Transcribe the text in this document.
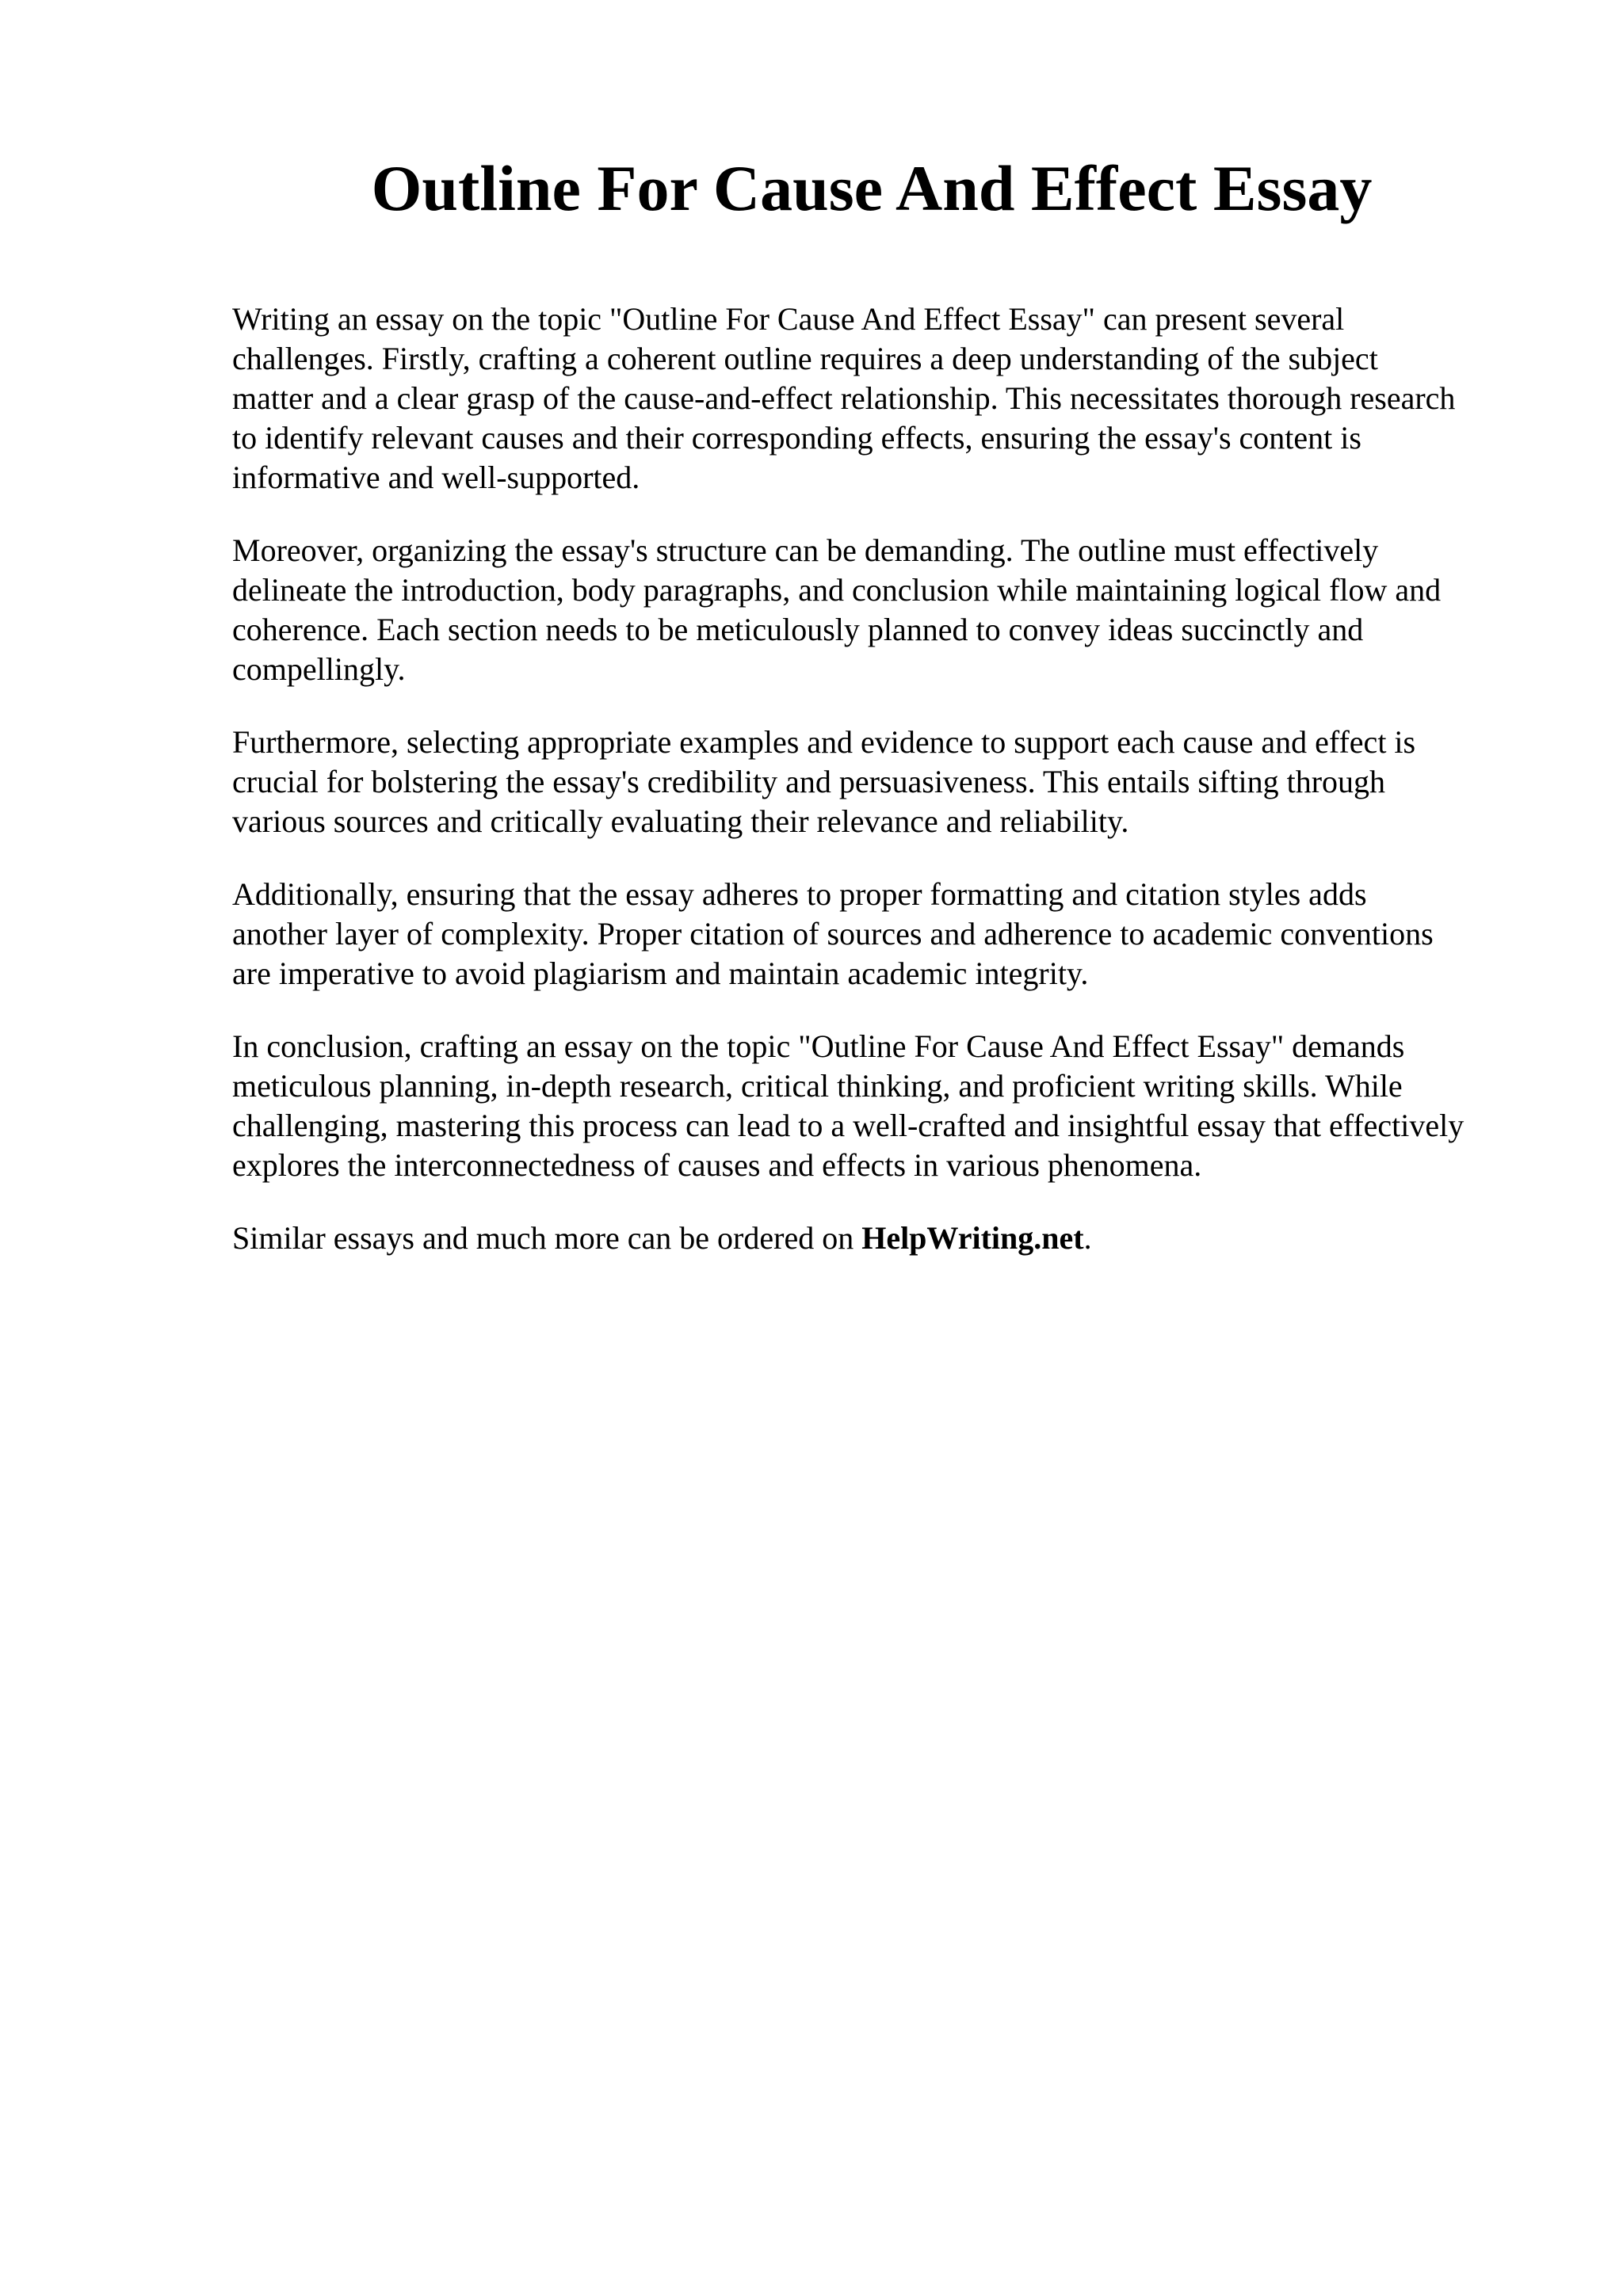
Outline For Cause And Effect Essay

Writing an essay on the topic "Outline For Cause And Effect Essay" can present several
challenges. Firstly, crafting a coherent outline requires a deep understanding of the subject
matter and a clear grasp of the cause-and-effect relationship. This necessitates thorough research
to identify relevant causes and their corresponding effects, ensuring the essay's content is
informative and well-supported.

Moreover, organizing the essay's structure can be demanding. The outline must effectively
delineate the introduction, body paragraphs, and conclusion while maintaining logical flow and
coherence. Each section needs to be meticulously planned to convey ideas succinctly and
compellingly.

Furthermore, selecting appropriate examples and evidence to support each cause and effect is
crucial for bolstering the essay's credibility and persuasiveness. This entails sifting through
various sources and critically evaluating their relevance and reliability.

Additionally, ensuring that the essay adheres to proper formatting and citation styles adds
another layer of complexity. Proper citation of sources and adherence to academic conventions
are imperative to avoid plagiarism and maintain academic integrity.

In conclusion, crafting an essay on the topic "Outline For Cause And Effect Essay" demands
meticulous planning, in-depth research, critical thinking, and proficient writing skills. While
challenging, mastering this process can lead to a well-crafted and insightful essay that effectively
explores the interconnectedness of causes and effects in various phenomena.

Similar essays and much more can be ordered on HelpWriting.net.
